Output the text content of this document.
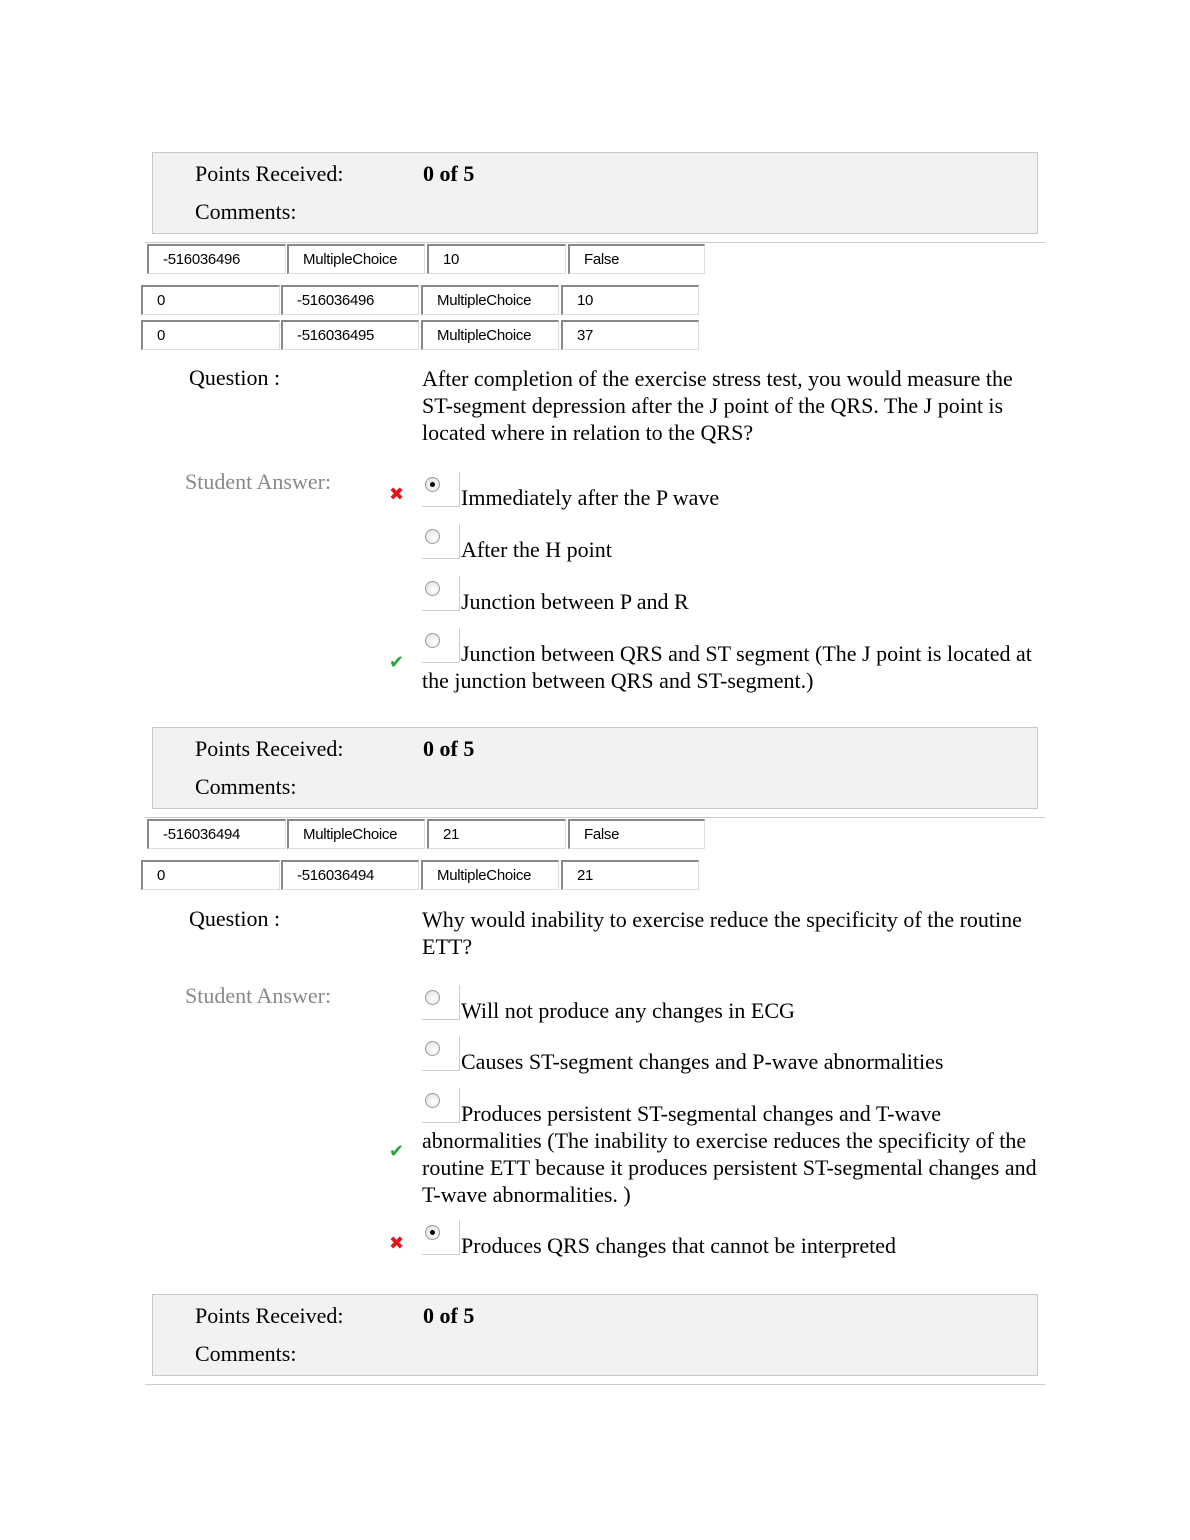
Points Received:	0 of 5
Comments:
-516036496	MultipleChoice	10	False
0	-516036496	MultipleChoice	10
0	-516036495	MultipleChoice	37
Question :	After completion of the exercise stress test, you would measure the ST-segment depression after the J point of the QRS. The J point is located where in relation to the QRS?
Student Answer:
✖	Immediately after the P wave
After the H point
Junction between P and R
✔	Junction between QRS and ST segment (The J point is located at the junction between QRS and ST-segment.)
Points Received:	0 of 5
Comments:
-516036494	MultipleChoice	21	False
0	-516036494	MultipleChoice	21
Question :	Why would inability to exercise reduce the specificity of the routine ETT?
Student Answer:
Will not produce any changes in ECG
Causes ST-segment changes and P-wave abnormalities
✔
Produces persistent ST-segmental changes and T-wave abnormalities (The inability to exercise reduces the specificity of the routine ETT because it produces persistent ST-segmental changes and T-wave abnormalities. )
✖	Produces QRS changes that cannot be interpreted
Points Received:	0 of 5
Comments:
